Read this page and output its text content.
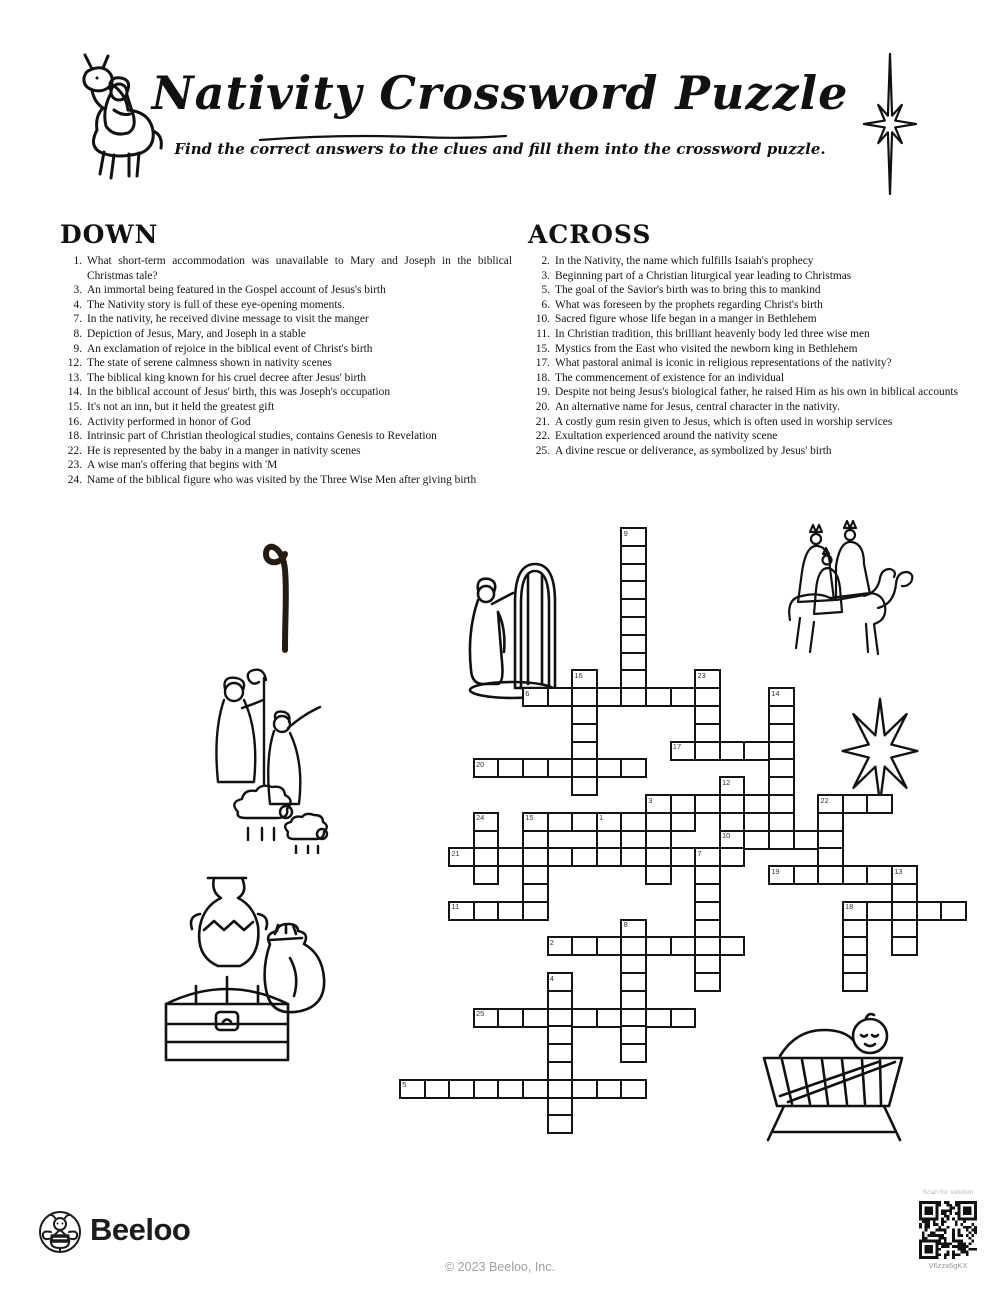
Nativity Crossword Puzzle
Find the correct answers to the clues and fill them into the crossword puzzle.
DOWN
1. What short-term accommodation was unavailable to Mary and Joseph in the biblical Christmas tale?
3. An immortal being featured in the Gospel account of Jesus's birth
4. The Nativity story is full of these eye-opening moments.
7. In the nativity, he received divine message to visit the manger
8. Depiction of Jesus, Mary, and Joseph in a stable
9. An exclamation of rejoice in the biblical event of Christ's birth
12. The state of serene calmness shown in nativity scenes
13. The biblical king known for his cruel decree after Jesus' birth
14. In the biblical account of Jesus' birth, this was Joseph's occupation
15. It's not an inn, but it held the greatest gift
16. Activity performed in honor of God
18. Intrinsic part of Christian theological studies, contains Genesis to Revelation
22. He is represented by the baby in a manger in nativity scenes
23. A wise man's offering that begins with 'M
24. Name of the biblical figure who was visited by the Three Wise Men after giving birth
ACROSS
2. In the Nativity, the name which fulfills Isaiah's prophecy
3. Beginning part of a Christian liturgical year leading to Christmas
5. The goal of the Savior's birth was to bring this to mankind
6. What was foreseen by the prophets regarding Christ's birth
10. Sacred figure whose life began in a manger in Bethlehem
11. In Christian tradition, this brilliant heavenly body led three wise men
15. Mystics from the East who visited the newborn king in Bethlehem
17. What pastoral animal is iconic in religious representations of the nativity?
18. The commencement of existence for an individual
19. Despite not being Jesus's biological father, he raised Him as his own in biblical accounts
20. An alternative name for Jesus, central character in the nativity.
21. A costly gum resin given to Jesus, which is often used in worship services
22. Exultation experienced around the nativity scene
25. A divine rescue or deliverance, as symbolized by Jesus' birth
9
16	23
6	14
17
20
12
3	22
24	15	1
10
21	7
19	13
11	18
8
2
4
25
5
Beeloo
© 2023 Beeloo, Inc.
Scan for solution
V6zzx6gKX
